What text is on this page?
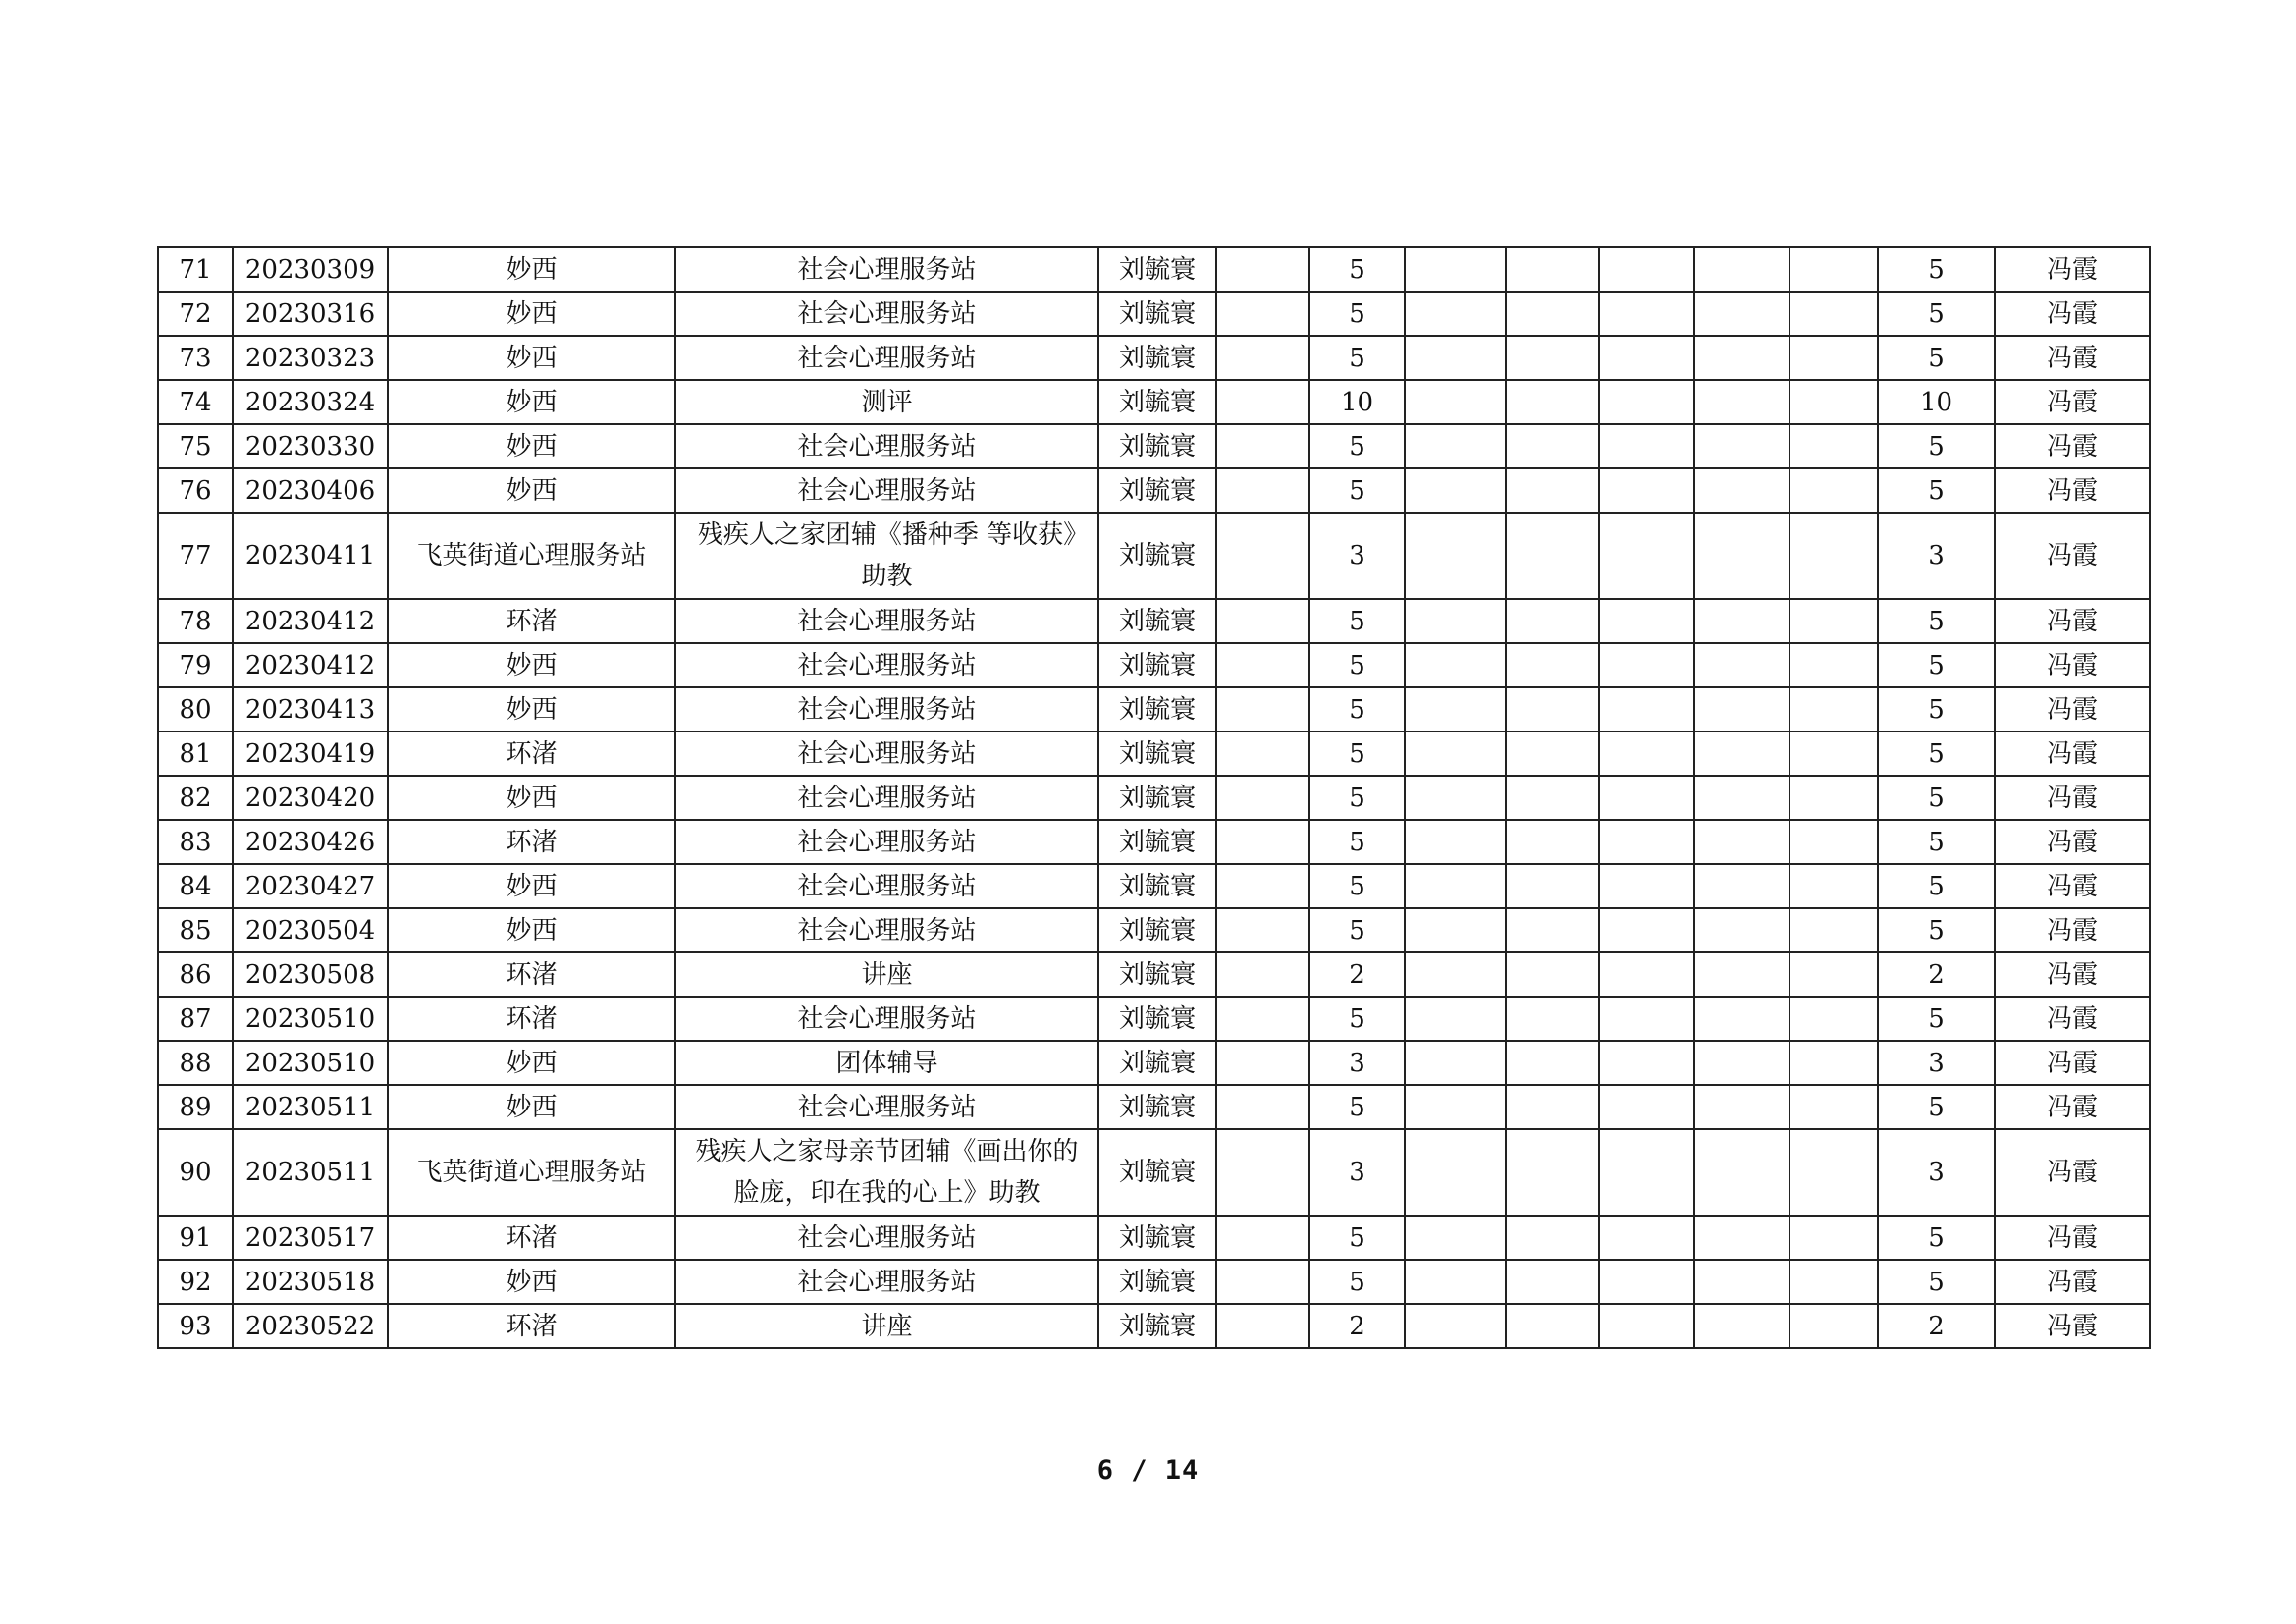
71	20230309	妙西	社会心理服务站	刘毓寰		5						5	冯霞
72	20230316	妙西	社会心理服务站	刘毓寰		5						5	冯霞
73	20230323	妙西	社会心理服务站	刘毓寰		5						5	冯霞
74	20230324	妙西	测评	刘毓寰		10						10	冯霞
75	20230330	妙西	社会心理服务站	刘毓寰		5						5	冯霞
76	20230406	妙西	社会心理服务站	刘毓寰		5						5	冯霞
77	20230411	飞英街道心理服务站	残疾人之家团辅《播种季 等收获》助教	刘毓寰		3						3	冯霞
78	20230412	环渚	社会心理服务站	刘毓寰		5						5	冯霞
79	20230412	妙西	社会心理服务站	刘毓寰		5						5	冯霞
80	20230413	妙西	社会心理服务站	刘毓寰		5						5	冯霞
81	20230419	环渚	社会心理服务站	刘毓寰		5						5	冯霞
82	20230420	妙西	社会心理服务站	刘毓寰		5						5	冯霞
83	20230426	环渚	社会心理服务站	刘毓寰		5						5	冯霞
84	20230427	妙西	社会心理服务站	刘毓寰		5						5	冯霞
85	20230504	妙西	社会心理服务站	刘毓寰		5						5	冯霞
86	20230508	环渚	讲座	刘毓寰		2						2	冯霞
87	20230510	环渚	社会心理服务站	刘毓寰		5						5	冯霞
88	20230510	妙西	团体辅导	刘毓寰		3						3	冯霞
89	20230511	妙西	社会心理服务站	刘毓寰		5						5	冯霞
90	20230511	飞英街道心理服务站	残疾人之家母亲节团辅《画出你的脸庞，印在我的心上》助教	刘毓寰		3						3	冯霞
91	20230517	环渚	社会心理服务站	刘毓寰		5						5	冯霞
92	20230518	妙西	社会心理服务站	刘毓寰		5						5	冯霞
93	20230522	环渚	讲座	刘毓寰		2						2	冯霞
6 / 14
